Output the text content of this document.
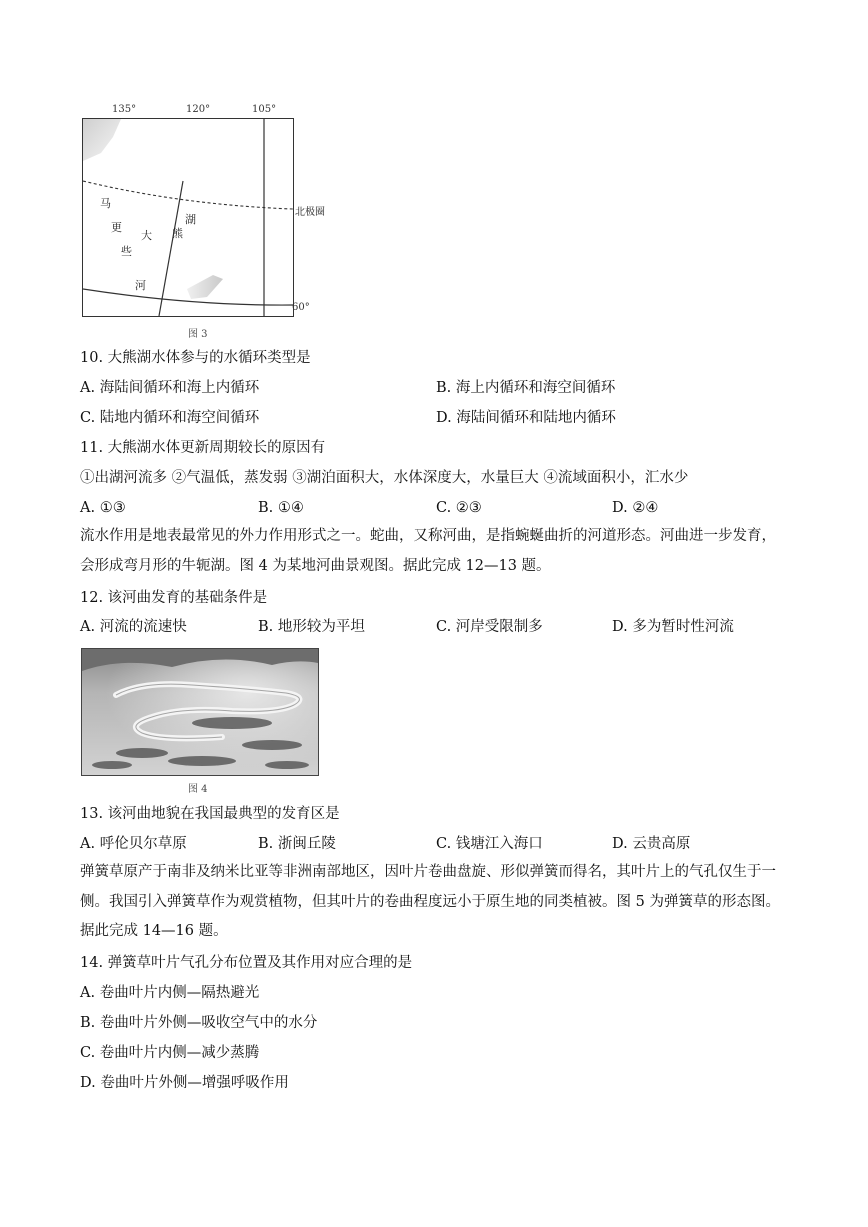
135°	120°	105°
马
更
些
河
大 熊
湖
北极圈
60°
图 3
10. 大熊湖水体参与的水循环类型是
A. 海陆间循环和海上内循环	B. 海上内循环和海空间循环
C. 陆地内循环和海空间循环	D. 海陆间循环和陆地内循环
11. 大熊湖水体更新周期较长的原因有
①出湖河流多 ②气温低，蒸发弱 ③湖泊面积大，水体深度大，水量巨大 ④流域面积小，汇水少
A. ①③	B. ①④	C. ②③	D. ②④
流水作用是地表最常见的外力作用形式之一。蛇曲，又称河曲，是指蜿蜒曲折的河道形态。河曲进一步发育，会形成弯月形的牛轭湖。图 4 为某地河曲景观图。据此完成 12—13 题。
12. 该河曲发育的基础条件是
A. 河流的流速快	B. 地形较为平坦	C. 河岸受限制多	D. 多为暂时性河流
图 4
13. 该河曲地貌在我国最典型的发育区是
A. 呼伦贝尔草原	B. 浙闽丘陵	C. 钱塘江入海口	D. 云贵高原
弹簧草原产于南非及纳米比亚等非洲南部地区，因叶片卷曲盘旋、形似弹簧而得名，其叶片上的气孔仅生于一侧。我国引入弹簧草作为观赏植物，但其叶片的卷曲程度远小于原生地的同类植被。图 5 为弹簧草的形态图。据此完成 14—16 题。
14. 弹簧草叶片气孔分布位置及其作用对应合理的是
A. 卷曲叶片内侧—隔热避光
B. 卷曲叶片外侧—吸收空气中的水分
C. 卷曲叶片内侧—减少蒸腾
D. 卷曲叶片外侧—增强呼吸作用
